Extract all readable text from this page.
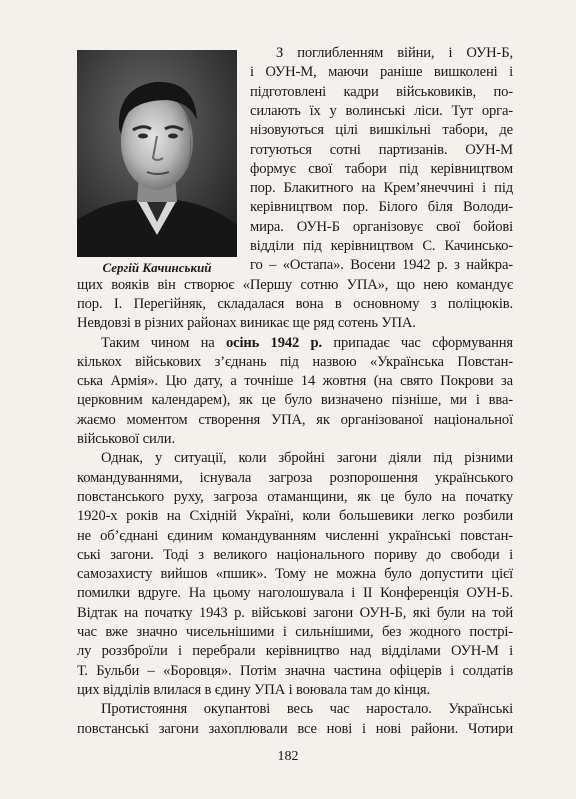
Сергій Качинський
З поглибленням війни, і ОУН-Б,
і ОУН-М, маючи раніше вишколені і
підготовлені кадри військовиків, по-
силають їх у волинські ліси. Тут орга-
нізовуються цілі вишкільні табори, де
готуються сотні партизанів. ОУН-М
формує свої табори під керівництвом
пор. Блакитного на Крем’янеччині і під
керівництвом пор. Білого біля Володи-
мира. ОУН-Б організовує свої бойові
відділи під керівництвом С. Качинсько-
го – «Остапа». Восени 1942 р. з найкра-
щих вояків він створює «Першу сотню УПА», що нею командує
пор. І. Перегійняк, складалася вона в основному з поліцюків.
Невдовзі в різних районах виникає ще ряд сотень УПА.
Таким чином на осінь 1942 р. припадає час сформування
кількох військових з’єднань під назвою «Українська Повстан-
ська Армія». Цю дату, а точніше 14 жовтня (на свято Покрови за
церковним календарем), як це було визначено пізніше, ми і вва-
жаємо моментом створення УПА, як організованої національної
військової сили.
Однак, у ситуації, коли збройні загони діяли під різними
командуваннями, існувала загроза розпорошення українського
повстанського руху, загроза отаманщини, як це було на початку
1920-х років на Східній Україні, коли большевики легко розбили
не об’єднані єдиним командуванням численні українські повстан-
ські загони. Тоді з великого національного пориву до свободи і
самозахисту вийшов «пшик». Тому не можна було допустити цієї
помилки вдруге. На цьому наголошувала і ІІ Конференція ОУН-Б.
Відтак на початку 1943 р. військові загони ОУН-Б, які були на той
час вже значно чисельнішими і сильнішими, без жодного пострі-
лу роззброїли і перебрали керівництво над відділами ОУН-М і
Т. Бульби – «Боровця». Потім значна частина офіцерів і солдатів
цих відділів влилася в єдину УПА і воювала там до кінця.
Протистояння окупантові весь час наростало. Українські
повстанські загони захоплювали все нові і нові райони. Чотири
182
